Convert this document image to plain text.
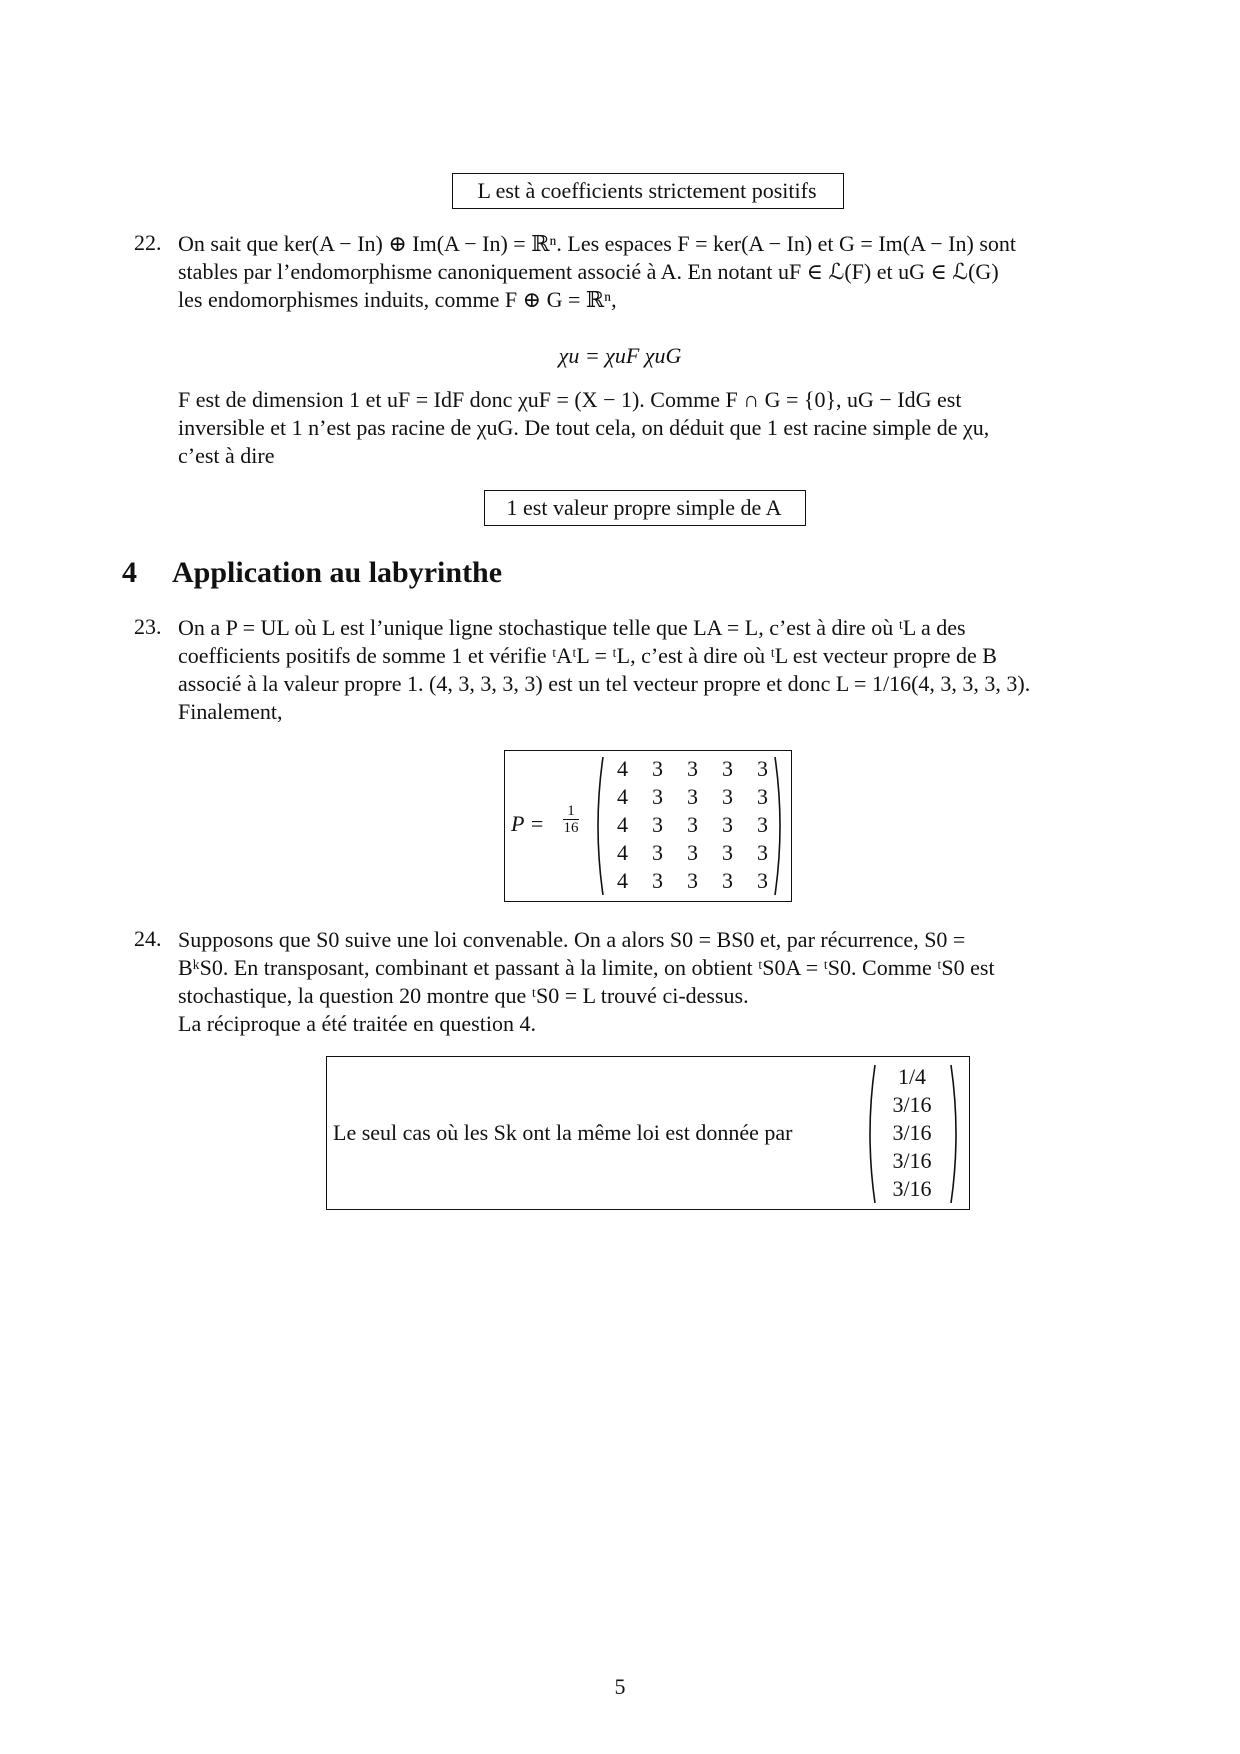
L est à coefficients strictement positifs
22. On sait que ker(A − In) ⊕ Im(A − In) = ℝⁿ. Les espaces F = ker(A − In) et G = Im(A − In) sont

stables par l’endomorphisme canoniquement associé à A. En notant uF ∈ ℒ(F) et uG ∈ ℒ(G)

les endomorphismes induits, comme F ⊕ G = ℝⁿ,

χu = χuF χuG

F est de dimension 1 et uF = IdF donc χuF = (X − 1). Comme F ∩ G = {0}, uG − IdG est

inversible et 1 n’est pas racine de χuG. De tout cela, on déduit que 1 est racine simple de χu,

c’est à dire

1 est valeur propre simple de A
4 Application au labyrinthe
23. On a P = UL où L est l’unique ligne stochastique telle que LA = L, c’est à dire où ᵗL a des

coefficients positifs de somme 1 et vérifie ᵗAᵗL = ᵗL, c’est à dire où ᵗL est vecteur propre de B

associé à la valeur propre 1. (4, 3, 3, 3, 3) est un tel vecteur propre et donc L = 1/16(4, 3, 3, 3, 3).

Finalement,

$P = \frac{1}{16}$
4	3	3	3	3
4	3	3	3	3
4	3	3	3	3
4	3	3	3	3
4	3	3	3	3
24. Supposons que S0 suive une loi convenable. On a alors S0 = BS0 et, par récurrence, S0 =

BᵏS0. En transposant, combinant et passant à la limite, on obtient ᵗS0A = ᵗS0. Comme ᵗS0 est

stochastique, la question 20 montre que ᵗS0 = L trouvé ci-dessus.

La réciproque a été traitée en question 4.

Le seul cas où les Sk ont la même loi est donnée par
1/4
3/16
3/16
3/16
3/16
5
